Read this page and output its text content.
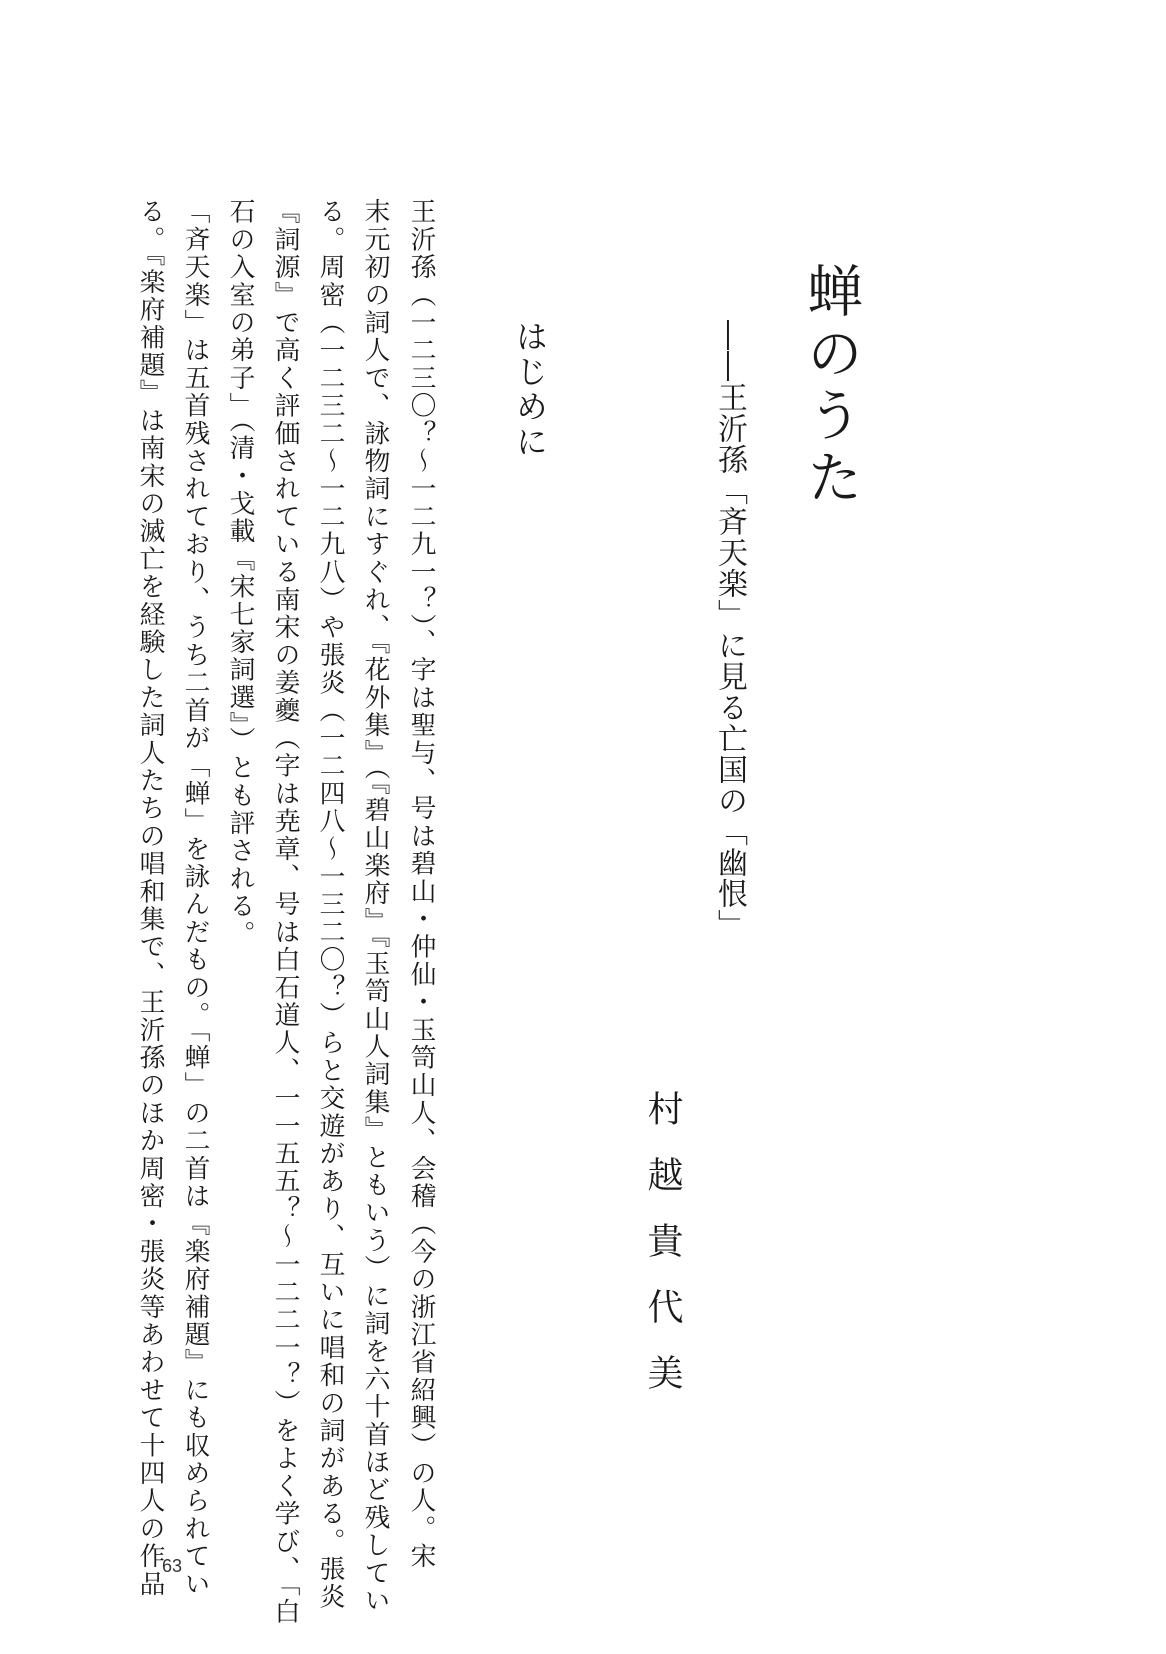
蝉のうた
――王沂孫「斉天楽」に見る亡国の「幽恨」
村越貴代美
はじめに
王沂孫（一二三〇？～一二九一？）、字は聖与、号は碧山・仲仙・玉笥山人、会稽（今の浙江省紹興）の人。宋
末元初の詞人で、詠物詞にすぐれ、『花外集』（『碧山楽府』『玉笥山人詞集』ともいう）に詞を六十首ほど残してい
る。周密（一二三二～一二九八）や張炎（一二四八～一三二〇？）らと交遊があり、互いに唱和の詞がある。張炎
『詞源』で高く評価されている南宋の姜夔（字は尭章、号は白石道人、一一五五？～一二二一？）をよく学び、「白
石の入室の弟子」（清・戈載『宋七家詞選』）とも評される。
「斉天楽」は五首残されており、うち二首が「蝉」を詠んだもの。「蝉」の二首は『楽府補題』にも収められてい
る。『楽府補題』は南宋の滅亡を経験した詞人たちの唱和集で、王沂孫のほか周密・張炎等あわせて十四人の作品
63
